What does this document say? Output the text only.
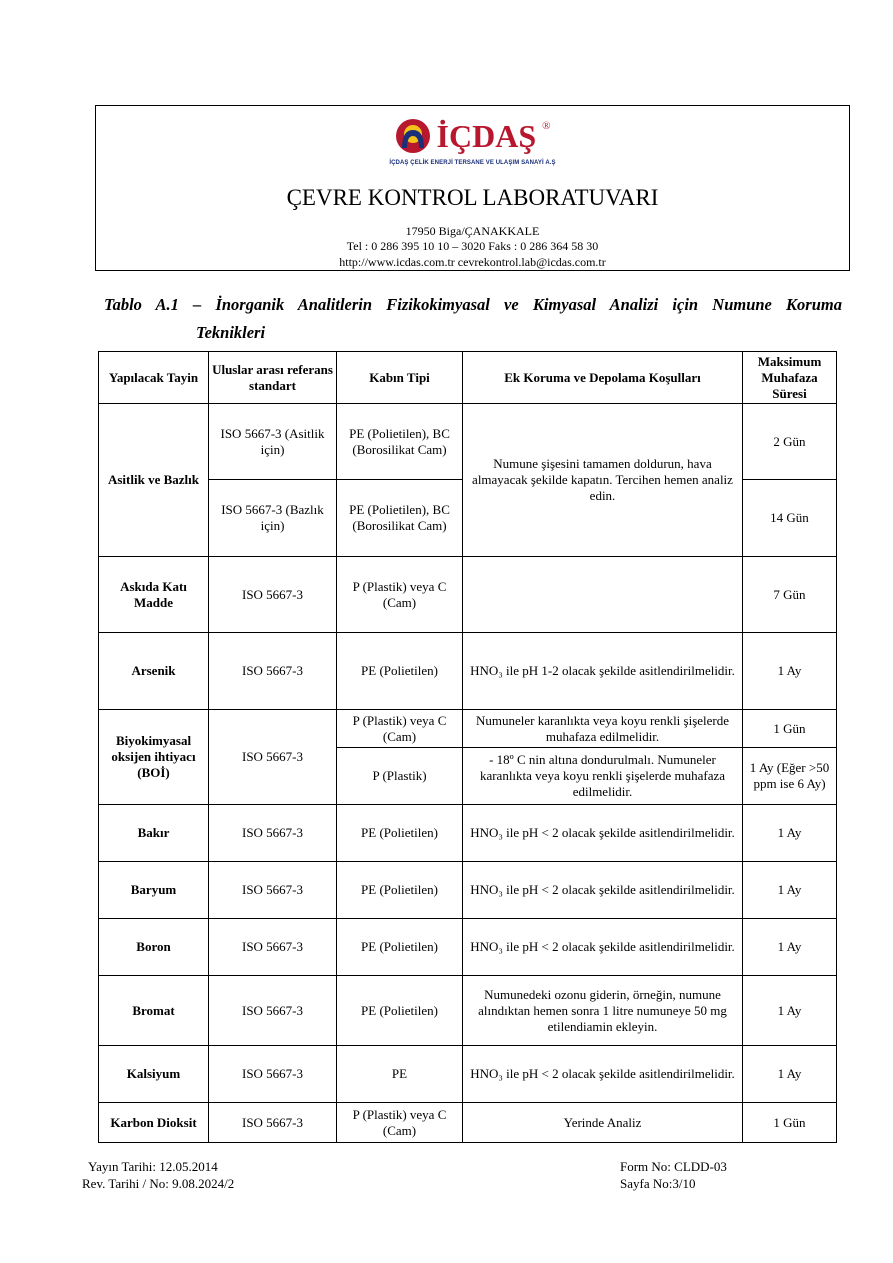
İÇDAŞ ®
İÇDAŞ ÇELİK ENERJİ TERSANE VE ULAŞIM SANAYİ A.Ş
ÇEVRE KONTROL LABORATUVARI
17950 Biga/ÇANAKKALE
Tel : 0 286 395 10 10 – 3020 Faks : 0 286 364 58 30
http://www.icdas.com.tr cevrekontrol.lab@icdas.com.tr
Tablo A.1 – İnorganik Analitlerin Fizikokimyasal ve Kimyasal Analizi için Numune Koruma
Teknikleri
Yapılacak Tayin	Uluslar arası referans standart	Kabın Tipi	Ek Koruma ve Depolama Koşulları	Maksimum Muhafaza Süresi
Asitlik ve Bazlık	ISO 5667-3 (Asitlik için)	PE (Polietilen), BC (Borosilikat Cam)	Numune şişesini tamamen doldurun, hava almayacak şekilde kapatın. Tercihen hemen analiz edin.	2 Gün
	ISO 5667-3 (Bazlık için)	PE (Polietilen), BC (Borosilikat Cam)		14 Gün
Askıda Katı Madde	ISO 5667-3	P (Plastik) veya C (Cam)		7 Gün
Arsenik	ISO 5667-3	PE (Polietilen)	HNO₃ ile pH 1-2 olacak şekilde asitlendirilmelidir.	1 Ay
Biyokimyasal oksijen ihtiyacı (BOİ)	ISO 5667-3	P (Plastik) veya C (Cam)	Numuneler karanlıkta veya koyu renkli şişelerde muhafaza edilmelidir.	1 Gün
		P (Plastik)	- 18º C nin altına dondurulmalı. Numuneler karanlıkta veya koyu renkli şişelerde muhafaza edilmelidir.	1 Ay (Eğer >50 ppm ise 6 Ay)
Bakır	ISO 5667-3	PE (Polietilen)	HNO₃ ile pH < 2 olacak şekilde asitlendirilmelidir.	1 Ay
Baryum	ISO 5667-3	PE (Polietilen)	HNO₃ ile pH < 2 olacak şekilde asitlendirilmelidir.	1 Ay
Boron	ISO 5667-3	PE (Polietilen)	HNO₃ ile pH < 2 olacak şekilde asitlendirilmelidir.	1 Ay
Bromat	ISO 5667-3	PE (Polietilen)	Numunedeki ozonu giderin, örneğin, numune alındıktan hemen sonra 1 litre numuneye 50 mg etilendiamin ekleyin.	1 Ay
Kalsiyum	ISO 5667-3	PE	HNO₃ ile pH < 2 olacak şekilde asitlendirilmelidir.	1 Ay
Karbon Dioksit	ISO 5667-3	P (Plastik) veya C (Cam)	Yerinde Analiz	1 Gün
Yayın Tarihi: 12.05.2014
Rev. Tarihi / No: 9.08.2024/2
Form No: CLDD-03
Sayfa No:3/10
